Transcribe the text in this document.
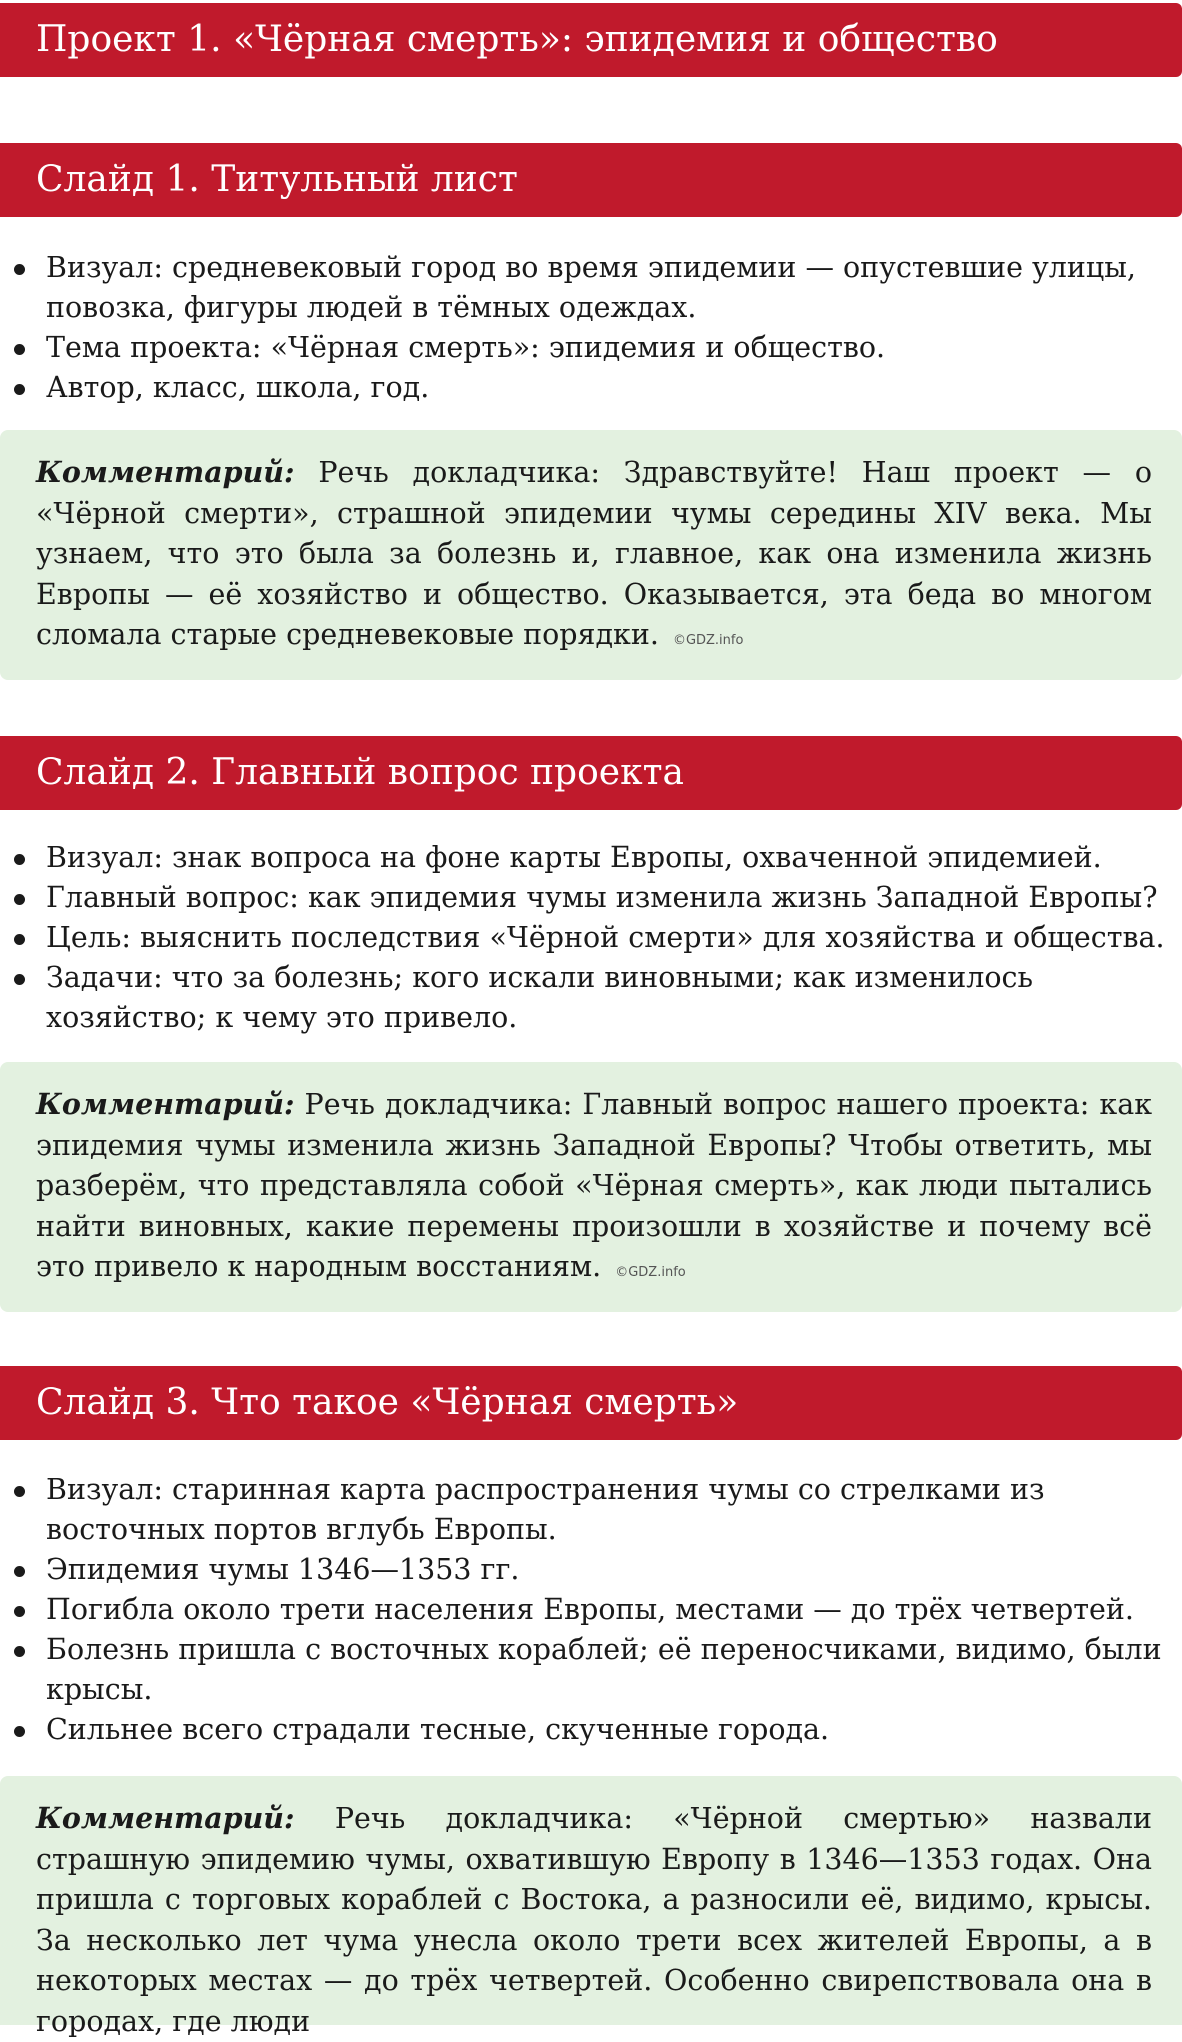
Проект 1. «Чёрная смерть»: эпидемия и общество
Слайд 1. Титульный лист
Визуал: средневековый город во время эпидемии — опустевшие улицы, повозка, фигуры людей в тёмных одеждах.
Тема проекта: «Чёрная смерть»: эпидемия и общество.
Автор, класс, школа, год.
Комментарий: Речь докладчика: Здравствуйте! Наш проект — о «Чёрной смерти», страшной эпидемии чумы середины XIV века. Мы узнаем, что это была за болезнь и, главное, как она изменила жизнь Европы — её хозяйство и общество. Оказывается, эта беда во многом сломала старые средневековые порядки. ©GDZ.info
Слайд 2. Главный вопрос проекта
Визуал: знак вопроса на фоне карты Европы, охваченной эпидемией.
Главный вопрос: как эпидемия чумы изменила жизнь Западной Европы?
Цель: выяснить последствия «Чёрной смерти» для хозяйства и общества.
Задачи: что за болезнь; кого искали виновными; как изменилось хозяйство; к чему это привело.
Комментарий: Речь докладчика: Главный вопрос нашего проекта: как эпидемия чумы изменила жизнь Западной Европы? Чтобы ответить, мы разберём, что представляла собой «Чёрная смерть», как люди пытались найти виновных, какие перемены произошли в хозяйстве и почему всё это привело к народным восстаниям. ©GDZ.info
Слайд 3. Что такое «Чёрная смерть»
Визуал: старинная карта распространения чумы со стрелками из восточных портов вглубь Европы.
Эпидемия чумы 1346—1353 гг.
Погибла около трети населения Европы, местами — до трёх четвертей.
Болезнь пришла с восточных кораблей; её переносчиками, видимо, были крысы.
Сильнее всего страдали тесные, скученные города.
Комментарий: Речь докладчика: «Чёрной смертью» назвали страшную эпидемию чумы, охватившую Европу в 1346—1353 годах. Она пришла с торговых кораблей с Востока, а разносили её, видимо, крысы. За несколько лет чума унесла около трети всех жителей Европы, а в некоторых местах — до трёх четвертей. Особенно свирепствовала она в городах, где люди
